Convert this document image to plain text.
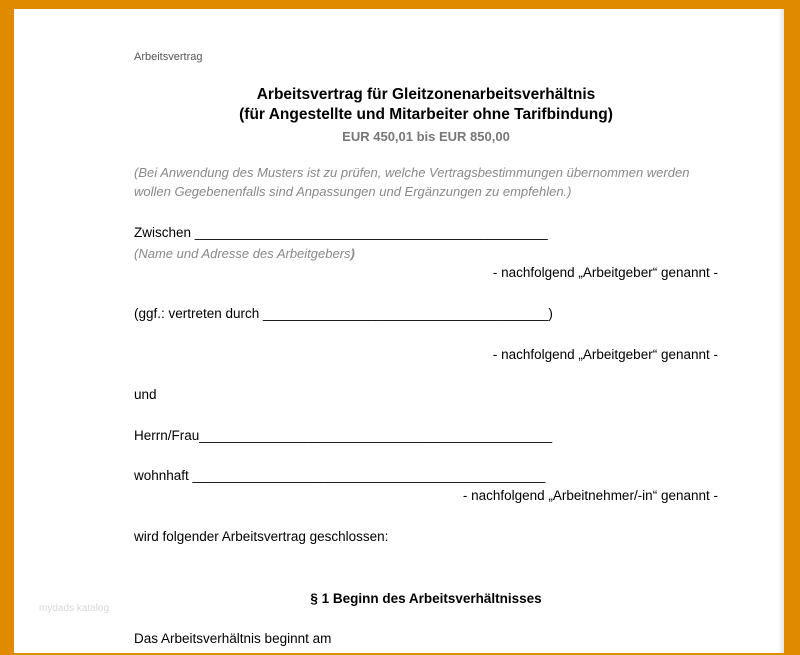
Arbeitsvertrag
Arbeitsvertrag für Gleitzonenarbeitsverhältnis
(für Angestellte und Mitarbeiter ohne Tarifbindung)
EUR 450,01 bis EUR 850,00
(Bei Anwendung des Musters ist zu prüfen, welche Vertragsbestimmungen übernommen werden
wollen Gegebenenfalls sind Anpassungen und Ergänzungen zu empfehlen.)
Zwischen _______________________________________________
(Name und Adresse des Arbeitgebers)
- nachfolgend „Arbeitgeber“ genannt -
(ggf.: vertreten durch ______________________________________)
- nachfolgend „Arbeitgeber“ genannt -
und
Herrn/Frau_______________________________________________
wohnhaft _______________________________________________
- nachfolgend „Arbeitnehmer/-in“ genannt -
wird folgender Arbeitsvertrag geschlossen:
§ 1 Beginn des Arbeitsverhältnisses
Das Arbeitsverhältnis beginnt am
mydads katalog
